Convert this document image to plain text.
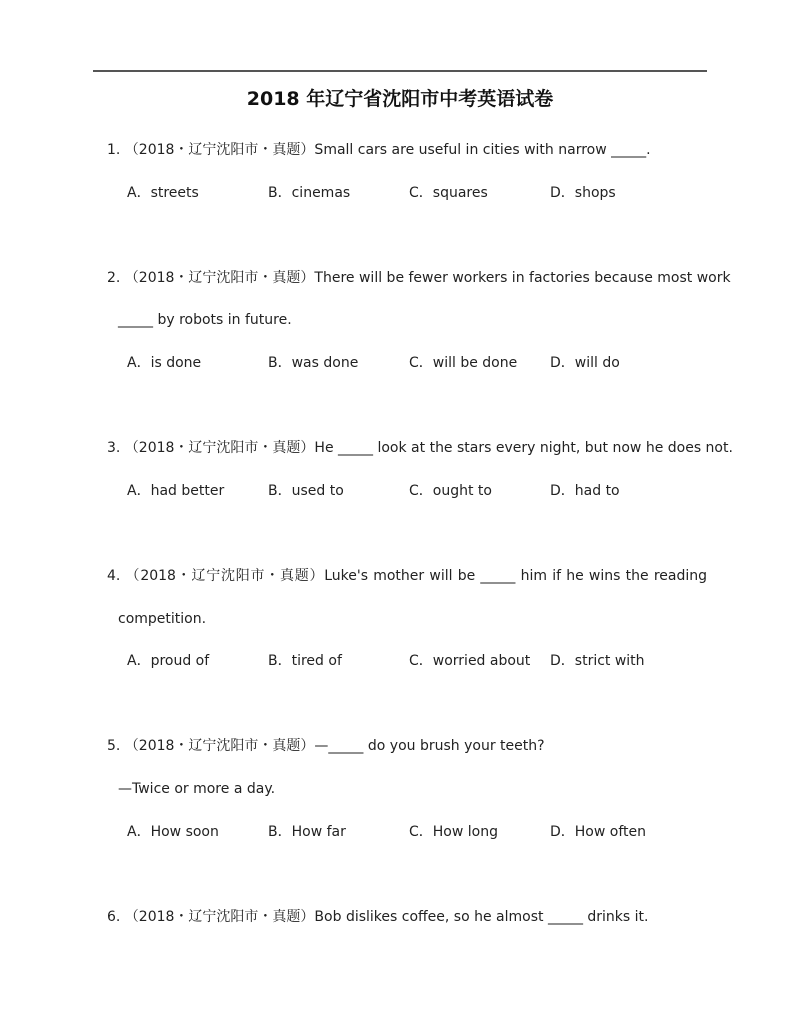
2018 年辽宁省沈阳市中考英语试卷
1. （2018・辽宁沈阳市・真题）Small cars are useful in cities with narrow _____.
A．streets	B．cinemas	C．squares	D．shops
2. （2018・辽宁沈阳市・真题）There will be fewer workers in factories because most work
_____ by robots in future.
A．is done	B．was done	C．will be done D．will do
3. （2018・辽宁沈阳市・真题）He _____ look at the stars every night, but now he does not.
A．had better	B．used to	C．ought to	D．had to
4. （2018・辽宁沈阳市・真题）Luke's mother will be _____ him if he wins the reading
competition.
A．proud of	B．tired of	C．worried about D．strict with
5. （2018・辽宁沈阳市・真题）—_____ do you brush your teeth?
—Twice or more a day.
A．How soon	B．How far	C．How long	D．How often
6. （2018・辽宁沈阳市・真题）Bob dislikes coffee, so he almost _____ drinks it.
